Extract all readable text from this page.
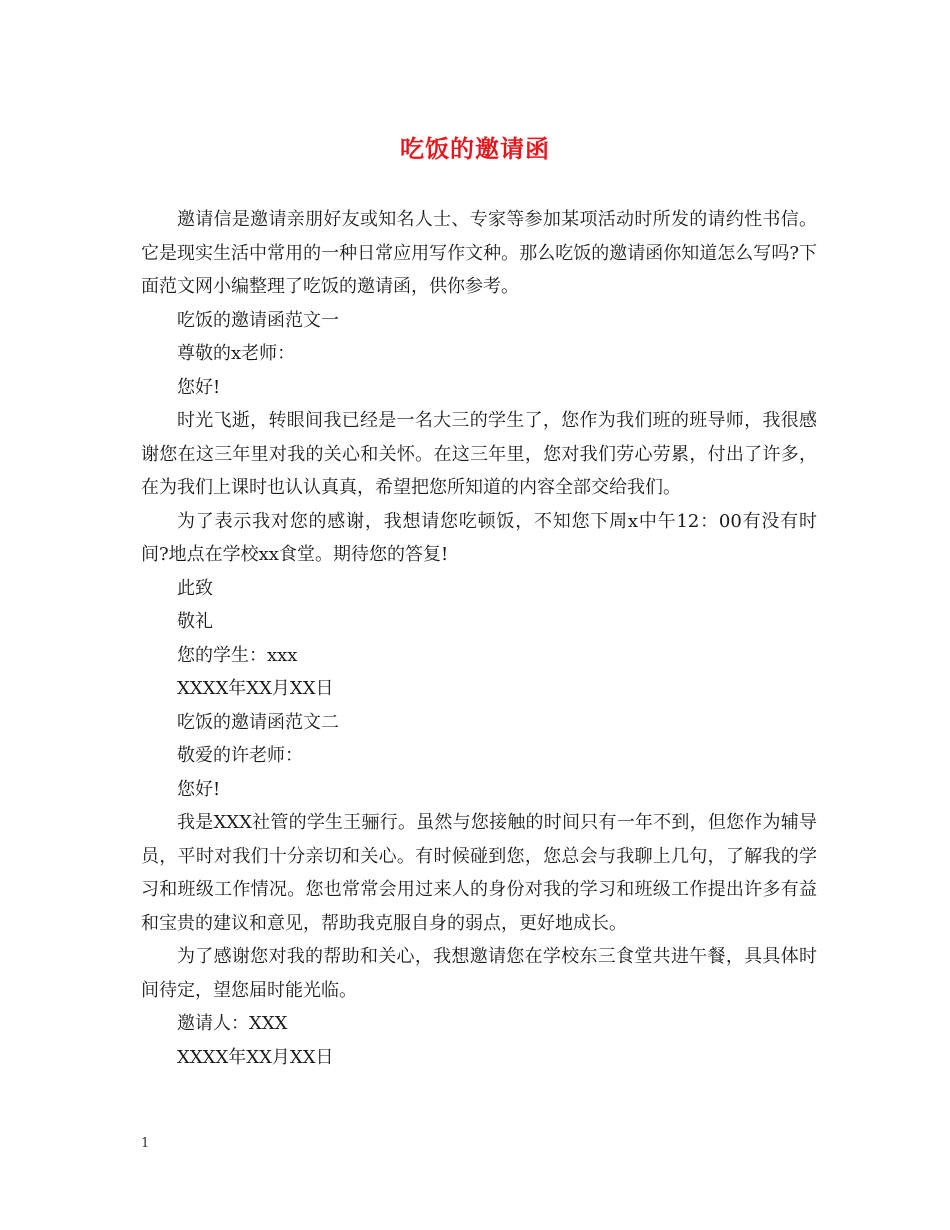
吃饭的邀请函

邀请信是邀请亲朋好友或知名人士、专家等参加某项活动时所发的请约性书信。它是现实生活中常用的一种日常应用写作文种。那么吃饭的邀请函你知道怎么写吗?下面范文网小编整理了吃饭的邀请函，供你参考。

吃饭的邀请函范文一

尊敬的x老师：

您好!

时光飞逝，转眼间我已经是一名大三的学生了，您作为我们班的班导师，我很感谢您在这三年里对我的关心和关怀。在这三年里，您对我们劳心劳累，付出了许多，在为我们上课时也认认真真，希望把您所知道的内容全部交给我们。

为了表示我对您的感谢，我想请您吃顿饭，不知您下周x中午12：00有没有时间?地点在学校xx食堂。期待您的答复!

此致

敬礼

您的学生：xxx

XXXX年XX月XX日

吃饭的邀请函范文二

敬爱的许老师：

您好!

我是XXX社管的学生王骊行。虽然与您接触的时间只有一年不到，但您作为辅导员，平时对我们十分亲切和关心。有时候碰到您，您总会与我聊上几句，了解我的学习和班级工作情况。您也常常会用过来人的身份对我的学习和班级工作提出许多有益和宝贵的建议和意见，帮助我克服自身的弱点，更好地成长。

为了感谢您对我的帮助和关心，我想邀请您在学校东三食堂共进午餐，具具体时间待定，望您届时能光临。

邀请人：XXX

XXXX年XX月XX日

1
